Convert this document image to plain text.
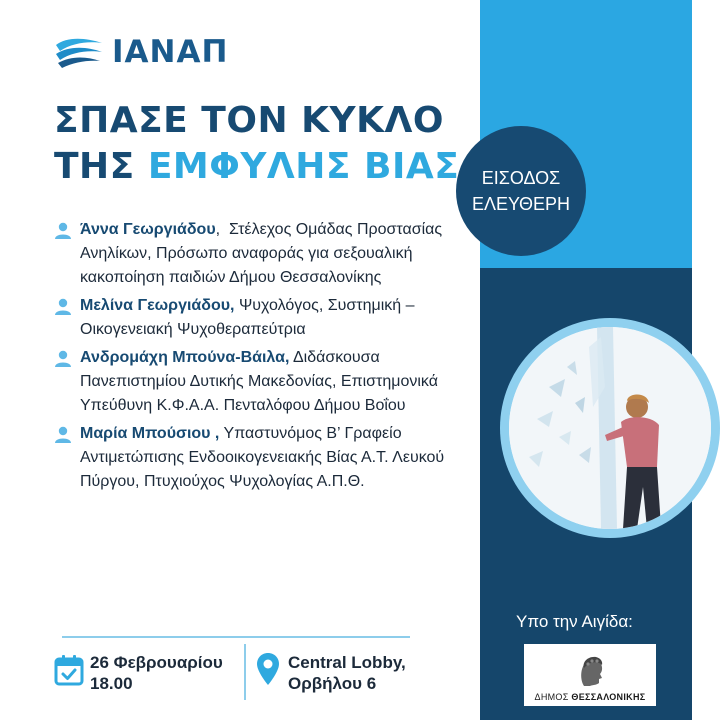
ΙΑΝΑΠ
ΣΠΑΣΕ ΤΟΝ ΚΥΚΛΟ
ΤΗΣ ΕΜΦΥΛΗΣ ΒΙΑΣ ΕΙΣΟΔΟΣ
ΕΛΕΥΘΕΡΗ
Άννα Γεωργιάδου,  Στέλεχος Ομάδας Προστασίας Ανηλίκων, Πρόσωπο αναφοράς για σεξουαλική κακοποίηση παιδιών Δήμου Θεσσαλονίκης
Μελίνα Γεωργιάδου, Ψυχολόγος, Συστημική – Οικογενειακή Ψυχοθεραπεύτρια
Ανδρομάχη Μπούνα-Βάιλα, Διδάσκουσα Πανεπιστημίου Δυτικής Μακεδονίας, Επιστημονικά Υπεύθυνη Κ.Φ.Α.Α. Πενταλόφου Δήμου Βοΐου
Μαρία Μπούσιου , Υπαστυνόμος Β’ Γραφείο Αντιμετώπισης Ενδοοικογενειακής Βίας Α.Τ. Λευκού Πύργου, Πτυχιούχος Ψυχολογίας Α.Π.Θ.
26 Φεβρουαρίου
18.00
Central Lobby,
Ορβήλου 6
Υπο την Αιγίδα:
ΔΗΜΟΣ ΘΕΣΣΑΛΟΝΙΚΗΣ
